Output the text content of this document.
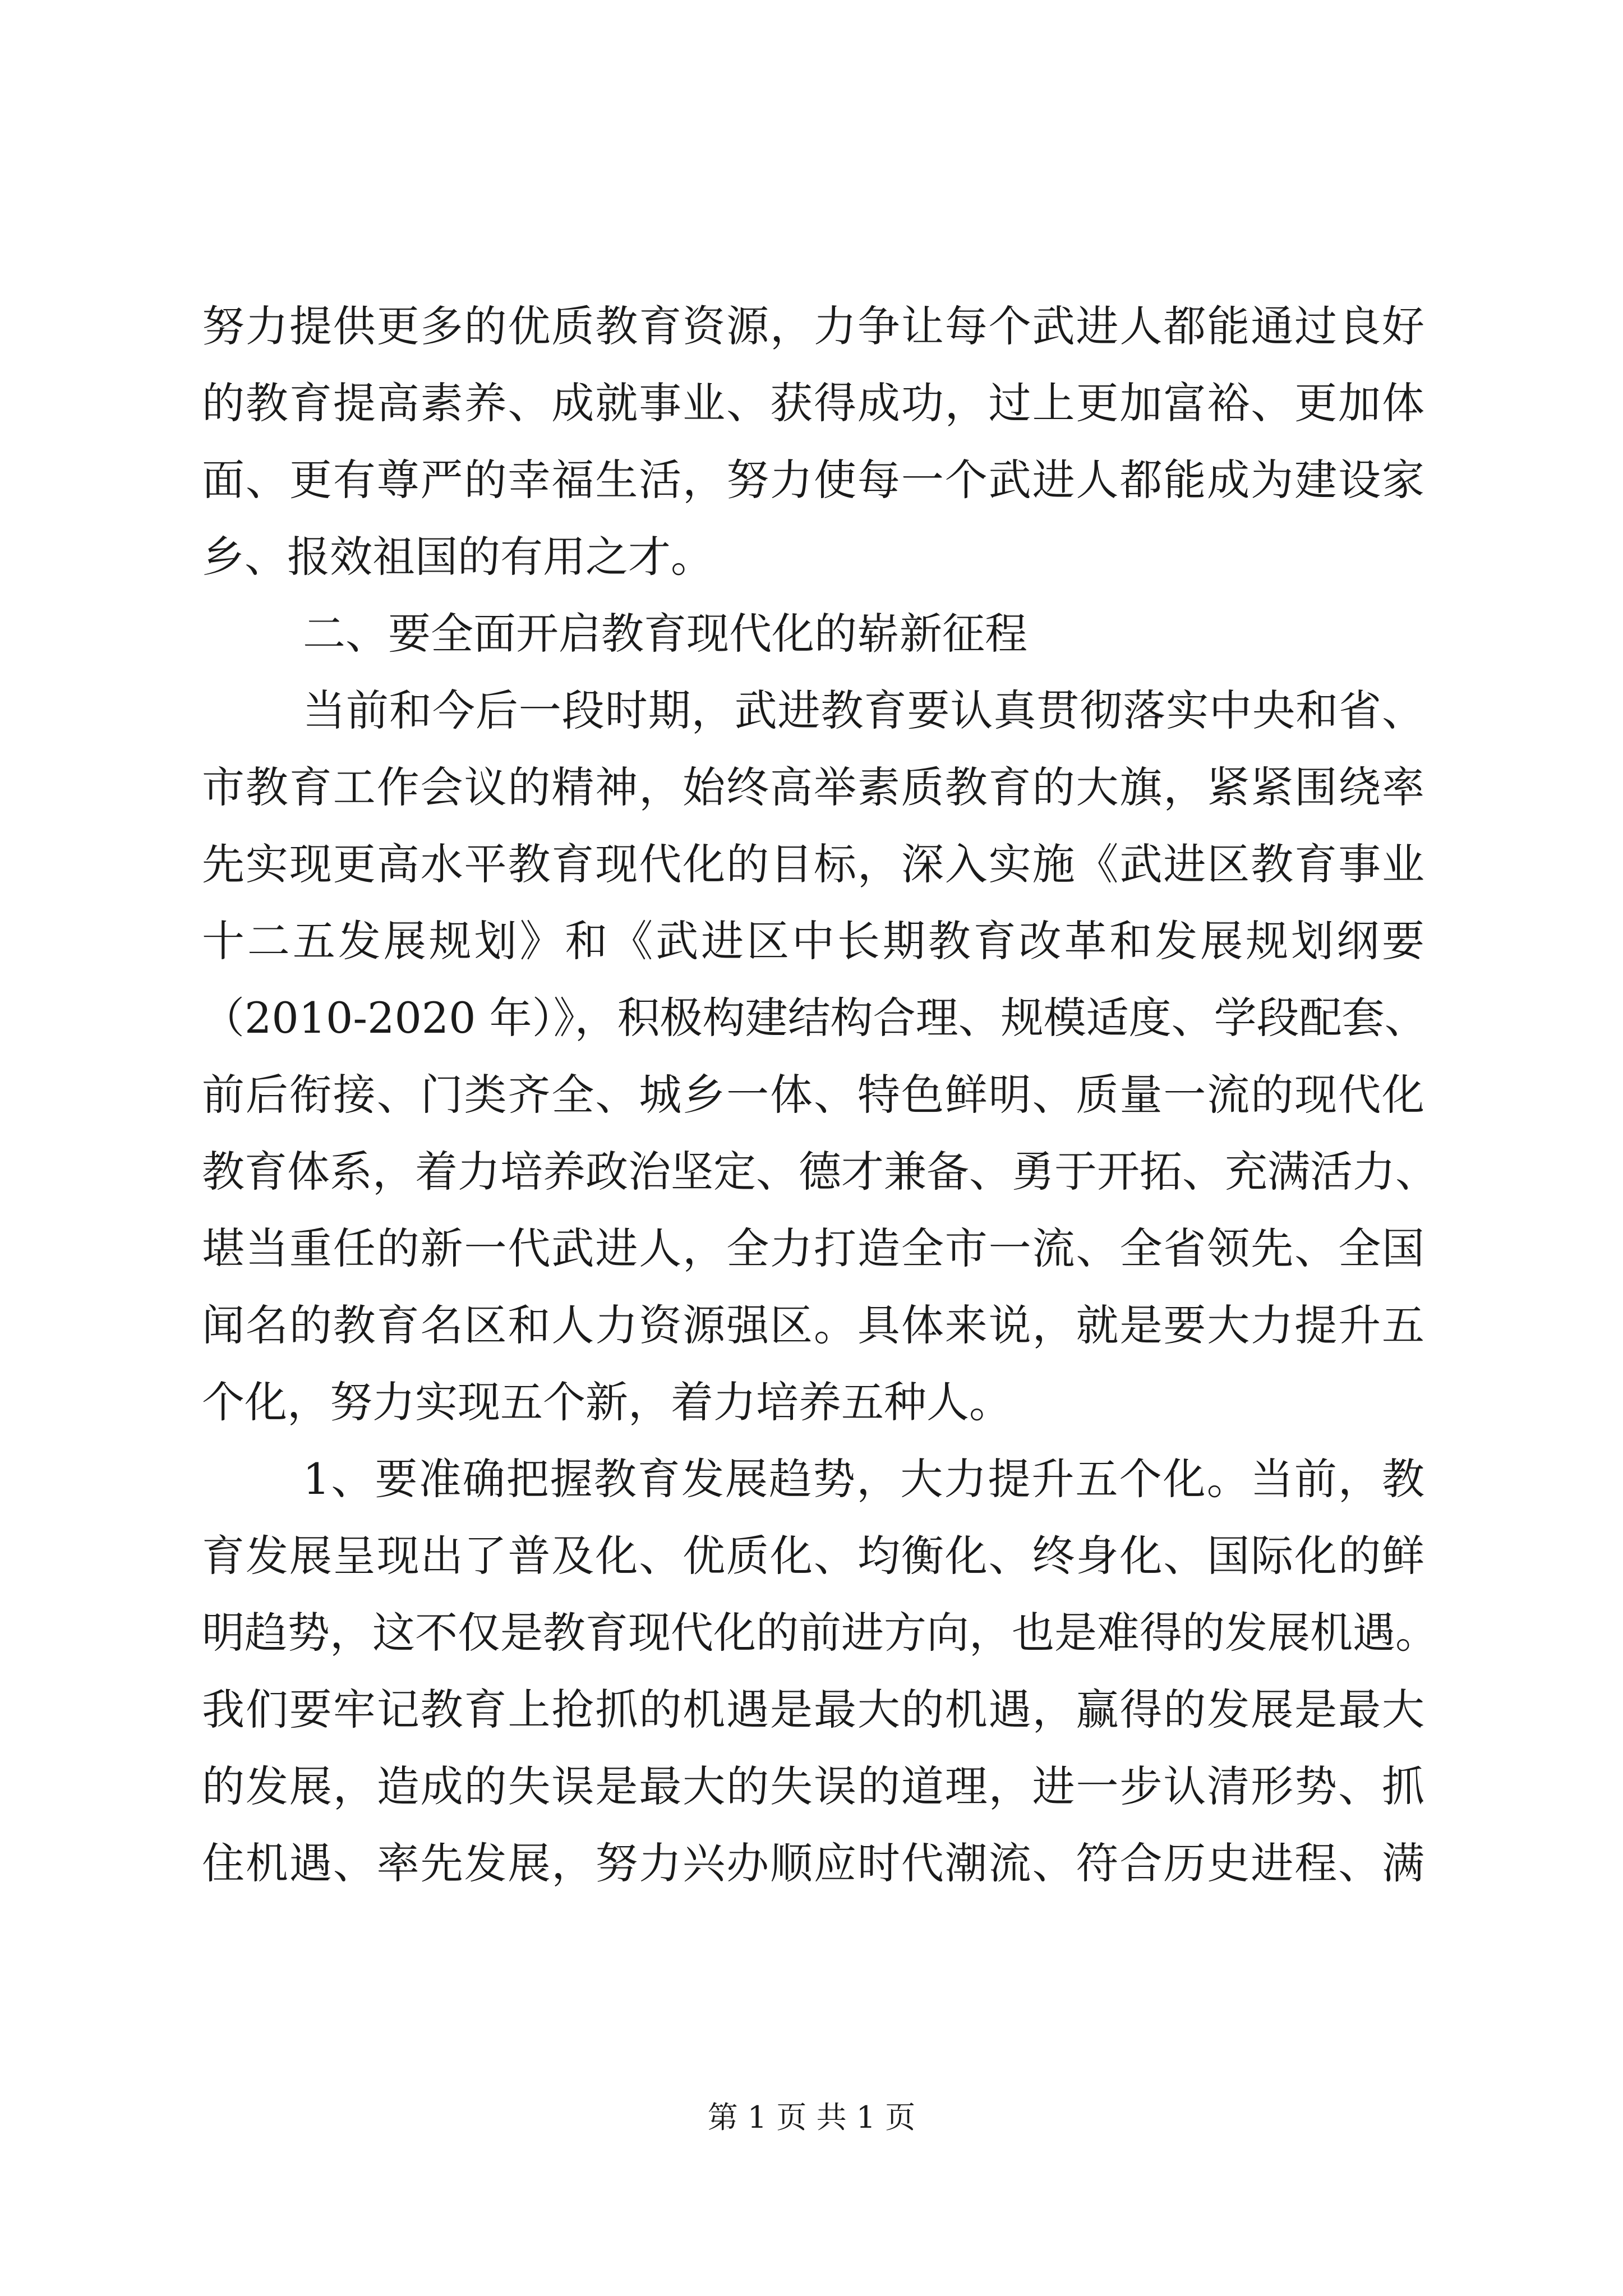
努力提供更多的优质教育资源，力争让每个武进人都能通过良好
的教育提高素养、成就事业、获得成功，过上更加富裕、更加体
面、更有尊严的幸福生活，努力使每一个武进人都能成为建设家
乡、报效祖国的有用之才。
二、要全面开启教育现代化的崭新征程
当前和今后一段时期，武进教育要认真贯彻落实中央和省、
市教育工作会议的精神，始终高举素质教育的大旗，紧紧围绕率
先实现更高水平教育现代化的目标，深入实施《武进区教育事业
十二五发展规划》和《武进区中长期教育改革和发展规划纲要
（2010-2020 年）》，积极构建结构合理、规模适度、学段配套、
前后衔接、门类齐全、城乡一体、特色鲜明、质量一流的现代化
教育体系，着力培养政治坚定、德才兼备、勇于开拓、充满活力、
堪当重任的新一代武进人，全力打造全市一流、全省领先、全国
闻名的教育名区和人力资源强区。具体来说，就是要大力提升五
个化，努力实现五个新，着力培养五种人。
1、要准确把握教育发展趋势，大力提升五个化。当前，教
育发展呈现出了普及化、优质化、均衡化、终身化、国际化的鲜
明趋势，这不仅是教育现代化的前进方向，也是难得的发展机遇。
我们要牢记教育上抢抓的机遇是最大的机遇，赢得的发展是最大
的发展，造成的失误是最大的失误的道理，进一步认清形势、抓
住机遇、率先发展，努力兴办顺应时代潮流、符合历史进程、满
第 1 页 共 1 页
